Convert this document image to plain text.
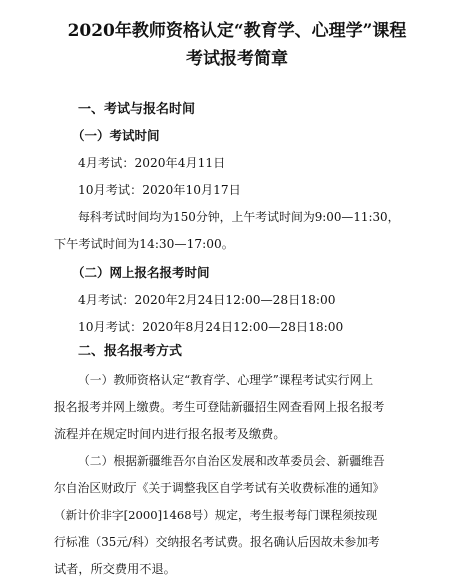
2020年教师资格认定“教育学、心理学”课程
考试报考简章
一、考试与报名时间
（一）考试时间
4月考试：2020年4月11日
10月考试：2020年10月17日
每科考试时间均为150分钟，上午考试时间为9:00—11:30，
下午考试时间为14:30—17:00。
（二）网上报名报考时间
4月考试：2020年2月24日12:00—28日18:00
10月考试：2020年8月24日12:00—28日18:00
二、报名报考方式
（一）教师资格认定“教育学、心理学”课程考试实行网上
报名报考并网上缴费。考生可登陆新疆招生网查看网上报名报考
流程并在规定时间内进行报名报考及缴费。
（二）根据新疆维吾尔自治区发展和改革委员会、新疆维吾
尔自治区财政厅《关于调整我区自学考试有关收费标准的通知》
（新计价非字[2000]1468号）规定，考生报考每门课程须按现
行标准（35元/科）交纳报名考试费。报名确认后因故未参加考
试者，所交费用不退。
